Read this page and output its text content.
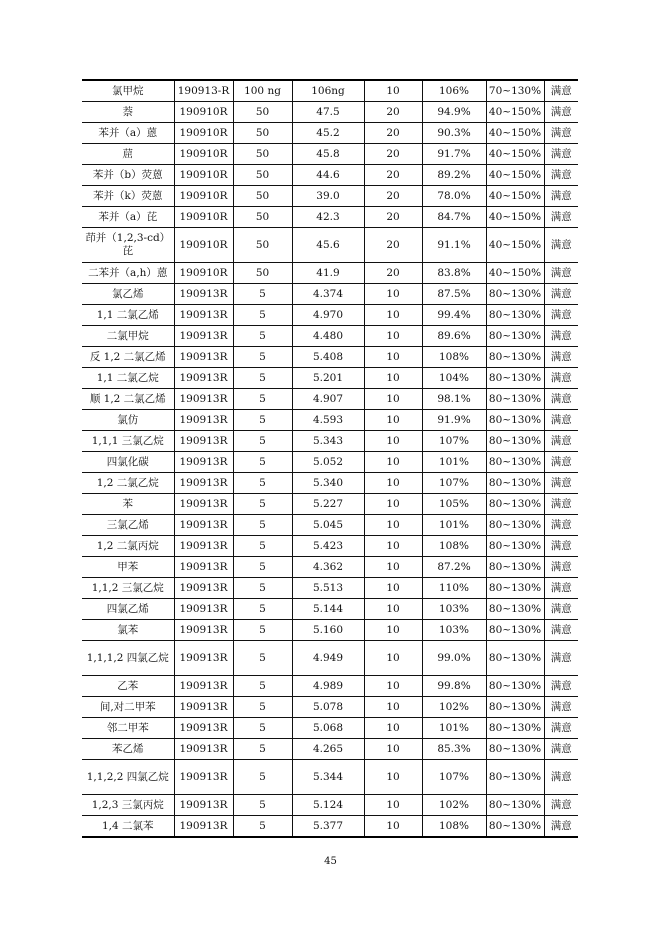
氯甲烷	190913-R	100 ng	106ng	10	106%	70~130%	满意
萘	190910R	50	47.5	20	94.9%	40~150%	满意
苯并（a）蒽	190910R	50	45.2	20	90.3%	40~150%	满意
䓛	190910R	50	45.8	20	91.7%	40~150%	满意
苯并（b）荧蒽	190910R	50	44.6	20	89.2%	40~150%	满意
苯并（k）荧蒽	190910R	50	39.0	20	78.0%	40~150%	满意
苯并（a）芘	190910R	50	42.3	20	84.7%	40~150%	满意
茚并（1,2,3-cd）芘	190910R	50	45.6	20	91.1%	40~150%	满意
二苯并（a,h）蒽	190910R	50	41.9	20	83.8%	40~150%	满意
氯乙烯	190913R	5	4.374	10	87.5%	80~130%	满意
1,1 二氯乙烯	190913R	5	4.970	10	99.4%	80~130%	满意
二氯甲烷	190913R	5	4.480	10	89.6%	80~130%	满意
反 1,2 二氯乙烯	190913R	5	5.408	10	108%	80~130%	满意
1,1 二氯乙烷	190913R	5	5.201	10	104%	80~130%	满意
顺 1,2 二氯乙烯	190913R	5	4.907	10	98.1%	80~130%	满意
氯仿	190913R	5	4.593	10	91.9%	80~130%	满意
1,1,1 三氯乙烷	190913R	5	5.343	10	107%	80~130%	满意
四氯化碳	190913R	5	5.052	10	101%	80~130%	满意
1,2 二氯乙烷	190913R	5	5.340	10	107%	80~130%	满意
苯	190913R	5	5.227	10	105%	80~130%	满意
三氯乙烯	190913R	5	5.045	10	101%	80~130%	满意
1,2 二氯丙烷	190913R	5	5.423	10	108%	80~130%	满意
甲苯	190913R	5	4.362	10	87.2%	80~130%	满意
1,1,2 三氯乙烷	190913R	5	5.513	10	110%	80~130%	满意
四氯乙烯	190913R	5	5.144	10	103%	80~130%	满意
氯苯	190913R	5	5.160	10	103%	80~130%	满意
1,1,1,2 四氯乙烷	190913R	5	4.949	10	99.0%	80~130%	满意
乙苯	190913R	5	4.989	10	99.8%	80~130%	满意
间,对二甲苯	190913R	5	5.078	10	102%	80~130%	满意
邻二甲苯	190913R	5	5.068	10	101%	80~130%	满意
苯乙烯	190913R	5	4.265	10	85.3%	80~130%	满意
1,1,2,2 四氯乙烷	190913R	5	5.344	10	107%	80~130%	满意
1,2,3 三氯丙烷	190913R	5	5.124	10	102%	80~130%	满意
1,4 二氯苯	190913R	5	5.377	10	108%	80~130%	满意
45
